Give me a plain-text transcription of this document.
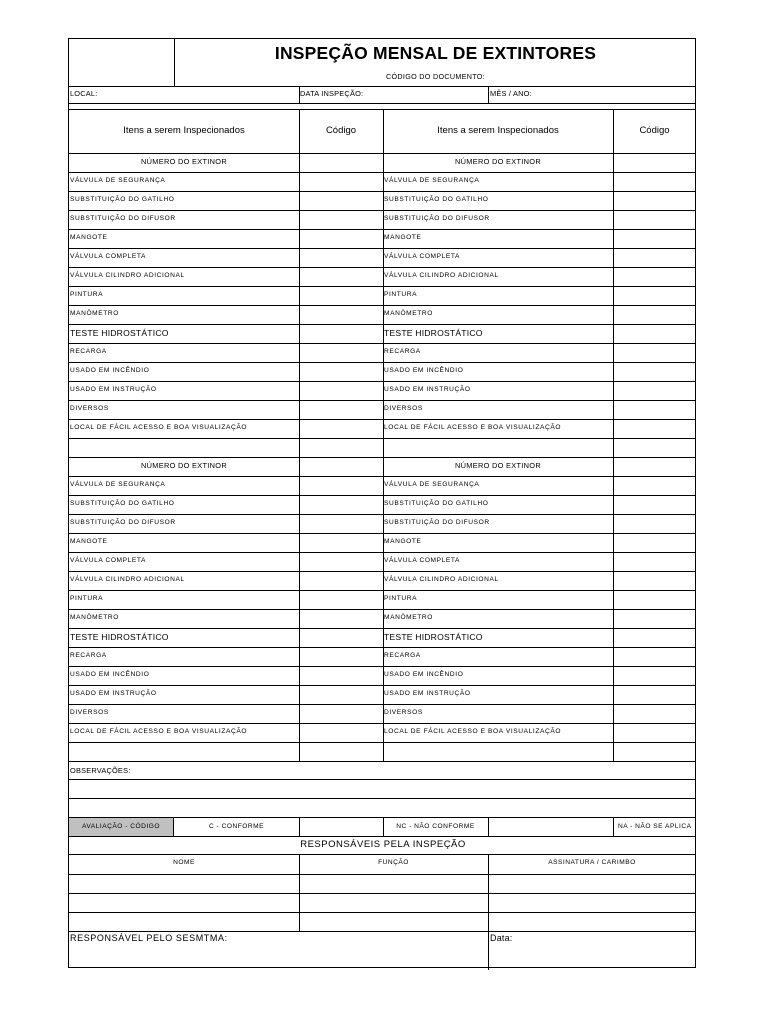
INSPEÇÃO MENSAL DE EXTINTORES
CÓDIGO DO DOCUMENTO:
LOCAL:	DATA INSPEÇÃO:	MÊS / ANO:
Itens a serem Inspecionados	Código	Itens a serem Inspecionados	Código
NÚMERO DO EXTINOR	NÚMERO DO EXTINOR
VÁLVULA DE SEGURANÇA	VÁLVULA DE SEGURANÇA
SUBSTITUIÇÃO DO GATILHO	SUBSTITUIÇÃO DO GATILHO
SUBSTITUIÇÃO DO DIFUSOR	SUBSTITUIÇÃO DO DIFUSOR
MANGOTE	MANGOTE
VÁLVULA COMPLETA	VÁLVULA COMPLETA
VÁLVULA CILINDRO ADICIONAL	VÁLVULA CILINDRO ADICIONAL
PINTURA	PINTURA
MANÔMETRO	MANÔMETRO
TESTE HIDROSTÁTICO	TESTE HIDROSTÁTICO
RECARGA	RECARGA
USADO EM INCÊNDIO	USADO EM INCÊNDIO
USADO EM INSTRUÇÃO	USADO EM INSTRUÇÃO
DIVERSOS	DIVERSOS
LOCAL DE FÁCIL ACESSO E BOA VISUALIZAÇÃO	LOCAL DE FÁCIL ACESSO E BOA VISUALIZAÇÃO
NÚMERO DO EXTINOR	NÚMERO DO EXTINOR
VÁLVULA DE SEGURANÇA	VÁLVULA DE SEGURANÇA
SUBSTITUIÇÃO DO GATILHO	SUBSTITUIÇÃO DO GATILHO
SUBSTITUIÇÃO DO DIFUSOR	SUBSTITUIÇÃO DO DIFUSOR
MANGOTE	MANGOTE
VÁLVULA COMPLETA	VÁLVULA COMPLETA
VÁLVULA CILINDRO ADICIONAL	VÁLVULA CILINDRO ADICIONAL
PINTURA	PINTURA
MANÔMETRO	MANÔMETRO
TESTE HIDROSTÁTICO	TESTE HIDROSTÁTICO
RECARGA	RECARGA
USADO EM INCÊNDIO	USADO EM INCÊNDIO
USADO EM INSTRUÇÃO	USADO EM INSTRUÇÃO
DIVERSOS	DIVERSOS
LOCAL DE FÁCIL ACESSO E BOA VISUALIZAÇÃO	LOCAL DE FÁCIL ACESSO E BOA VISUALIZAÇÃO
OBSERVAÇÕES:
AVALIAÇÃO - CÓDIGO	C - CONFORME	NC - NÃO CONFORME	NA - NÃO SE APLICA
RESPONSÁVEIS PELA INSPEÇÃO
NOME	FUNÇÃO	ASSINATURA / CARIMBO
RESPONSÁVEL PELO SESMTMA:	Data:
